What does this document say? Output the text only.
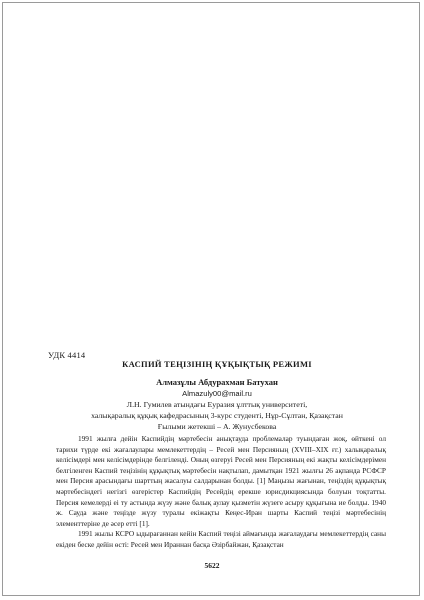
УДК 4414
КАСПИЙ ТЕҢІЗІНІҢ ҚҰҚЫҚТЫҚ РЕЖИМІ
Алмазұлы Абдурахман Батухан
Almazuly00@mail.ru
Л.Н. Гумилев атындағы Еуразия ұлттық университеті,
халықаралық құқық кафедрасының 3-курс студенті, Нұр-Сұлтан, Қазақстан
Ғылыми жетекші – А. Жунусбекова

1991 жылға дейін Каспийдің мәртебесін анықтауда проблемалар туындаған жоқ, өйткені ол тарихи түрде екі жағалаулары мемлекеттердің – Ресей мен Персияның (XVIII–XIX ғг.) халықаралық келісімдері мен келісімдерінде белгіленді. Оның өзгеруі Ресей мен Персияның екі жақты келісімдерімен белгіленген Каспий теңізінің құқықтық мәртебесін нақтылап, дамытқан 1921 жылғы 26 ақпанда РСФСР мен Персия арасындағы шарттың жасалуы салдарынан болды. [1] Маңызы жағынан, теңіздің құқықтық мәртебесіндегі негізгі өзгерістер Каспийдің Ресейдің ерекше юрисдикциясында болуын тоқтатты. Персия кемелерді еі ту астында жүзу және балық аулау қызметін жүзеге асыру құқығына ие болды. 1940 ж. Сауда және теңізде жүзу туралы екіжақты Кеңес-Иран шарты Каспий теңізі мәртебесінің элементтеріне де әсер етті [1].

1991 жылы КСРО ыдырағаннан кейін Каспий теңізі аймағында жағалаудағы мемлекеттердің саны екіден беске дейін өсті: Ресей мен Ираннан басқа Әзірбайжан, Қазақстан

5622
